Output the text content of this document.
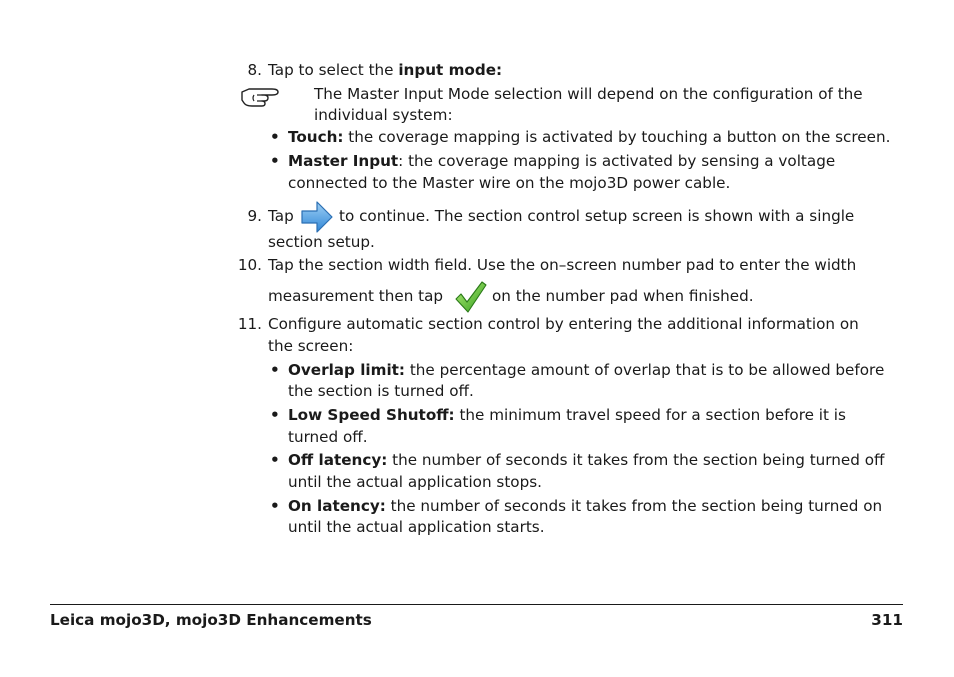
8. Tap to select the input mode:
The Master Input Mode selection will depend on the configuration of the
individual system:
• Touch: the coverage mapping is activated by touching a button on the screen.
• Master Input: the coverage mapping is activated by sensing a voltage
connected to the Master wire on the mojo3D power cable.
9. Tap	to continue. The section control setup screen is shown with a single
section setup.
10. Tap the section width field. Use the on–screen number pad to enter the width
measurement then tap	on the number pad when finished.
11. Configure automatic section control by entering the additional information on
the screen:
• Overlap limit: the percentage amount of overlap that is to be allowed before
the section is turned off.
• Low Speed Shutoff: the minimum travel speed for a section before it is
turned off.
• Off latency: the number of seconds it takes from the section being turned off
until the actual application stops.
• On latency: the number of seconds it takes from the section being turned on
until the actual application starts.
Leica mojo3D, mojo3D Enhancements	311
